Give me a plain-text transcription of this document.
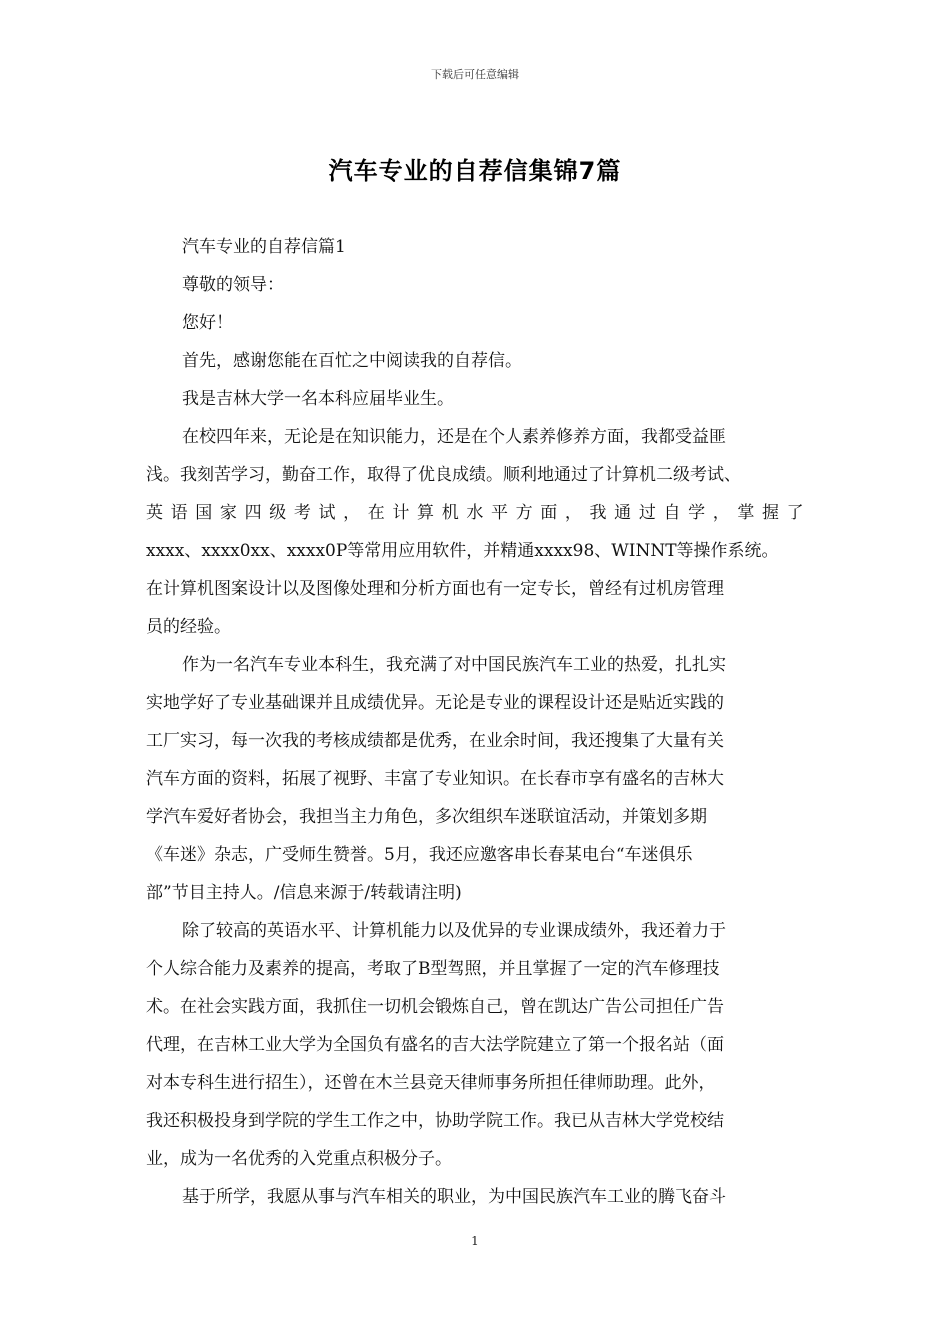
下载后可任意编辑
汽车专业的自荐信集锦7篇
汽车专业的自荐信篇1
尊敬的领导：
您好！
首先，感谢您能在百忙之中阅读我的自荐信。
我是吉林大学一名本科应届毕业生。
在校四年来，无论是在知识能力，还是在个人素养修养方面，我都受益匪
浅。我刻苦学习，勤奋工作，取得了优良成绩。顺利地通过了计算机二级考试、
英 语 国 家 四 级 考 试 ， 在 计 算 机 水 平 方 面 ， 我 通 过 自 学 ， 掌 握 了
xxxx、xxxx0xx、xxxx0P等常用应用软件，并精通xxxx98、WINNT等操作系统。
在计算机图案设计以及图像处理和分析方面也有一定专长，曾经有过机房管理
员的经验。
作为一名汽车专业本科生，我充满了对中国民族汽车工业的热爱，扎扎实
实地学好了专业基础课并且成绩优异。无论是专业的课程设计还是贴近实践的
工厂实习，每一次我的考核成绩都是优秀，在业余时间，我还搜集了大量有关
汽车方面的资料，拓展了视野、丰富了专业知识。在长春市享有盛名的吉林大
学汽车爱好者协会，我担当主力角色，多次组织车迷联谊活动，并策划多期
《车迷》杂志，广受师生赞誉。5月，我还应邀客串长春某电台“车迷俱乐
部”节目主持人。/信息来源于/转载请注明)
除了较高的英语水平、计算机能力以及优异的专业课成绩外，我还着力于
个人综合能力及素养的提高，考取了B型驾照，并且掌握了一定的汽车修理技
术。在社会实践方面，我抓住一切机会锻炼自己，曾在凯达广告公司担任广告
代理，在吉林工业大学为全国负有盛名的吉大法学院建立了第一个报名站（面
对本专科生进行招生），还曾在木兰县竞天律师事务所担任律师助理。此外，
我还积极投身到学院的学生工作之中，协助学院工作。我已从吉林大学党校结
业，成为一名优秀的入党重点积极分子。
基于所学，我愿从事与汽车相关的职业，为中国民族汽车工业的腾飞奋斗
1
